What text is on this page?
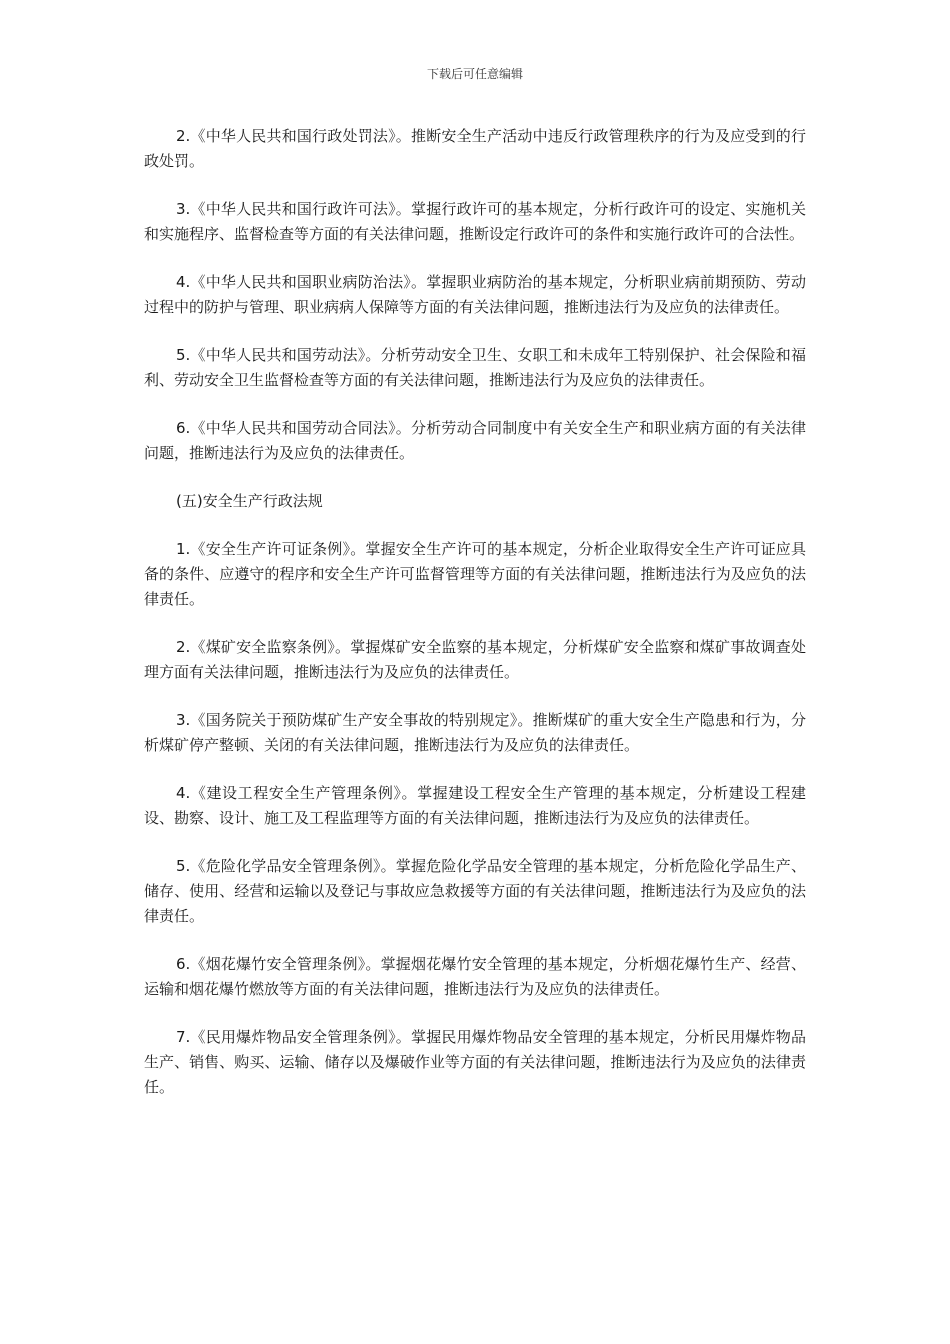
下载后可任意编辑

2.《中华人民共和国行政处罚法》。推断安全生产活动中违反行政管理秩序的行为及应受到的行政处罚。

3.《中华人民共和国行政许可法》。掌握行政许可的基本规定，分析行政许可的设定、实施机关和实施程序、监督检查等方面的有关法律问题，推断设定行政许可的条件和实施行政许可的合法性。

4.《中华人民共和国职业病防治法》。掌握职业病防治的基本规定，分析职业病前期预防、劳动过程中的防护与管理、职业病病人保障等方面的有关法律问题，推断违法行为及应负的法律责任。

5.《中华人民共和国劳动法》。分析劳动安全卫生、女职工和未成年工特别保护、社会保险和福利、劳动安全卫生监督检查等方面的有关法律问题，推断违法行为及应负的法律责任。

6.《中华人民共和国劳动合同法》。分析劳动合同制度中有关安全生产和职业病方面的有关法律问题，推断违法行为及应负的法律责任。

(五)安全生产行政法规

1.《安全生产许可证条例》。掌握安全生产许可的基本规定，分析企业取得安全生产许可证应具备的条件、应遵守的程序和安全生产许可监督管理等方面的有关法律问题，推断违法行为及应负的法律责任。

2.《煤矿安全监察条例》。掌握煤矿安全监察的基本规定，分析煤矿安全监察和煤矿事故调查处理方面有关法律问题，推断违法行为及应负的法律责任。

3.《国务院关于预防煤矿生产安全事故的特别规定》。推断煤矿的重大安全生产隐患和行为，分析煤矿停产整顿、关闭的有关法律问题，推断违法行为及应负的法律责任。

4.《建设工程安全生产管理条例》。掌握建设工程安全生产管理的基本规定，分析建设工程建设、勘察、设计、施工及工程监理等方面的有关法律问题，推断违法行为及应负的法律责任。

5.《危险化学品安全管理条例》。掌握危险化学品安全管理的基本规定，分析危险化学品生产、储存、使用、经营和运输以及登记与事故应急救援等方面的有关法律问题，推断违法行为及应负的法律责任。

6.《烟花爆竹安全管理条例》。掌握烟花爆竹安全管理的基本规定，分析烟花爆竹生产、经营、运输和烟花爆竹燃放等方面的有关法律问题，推断违法行为及应负的法律责任。

7.《民用爆炸物品安全管理条例》。掌握民用爆炸物品安全管理的基本规定，分析民用爆炸物品生产、销售、购买、运输、储存以及爆破作业等方面的有关法律问题，推断违法行为及应负的法律责任。
